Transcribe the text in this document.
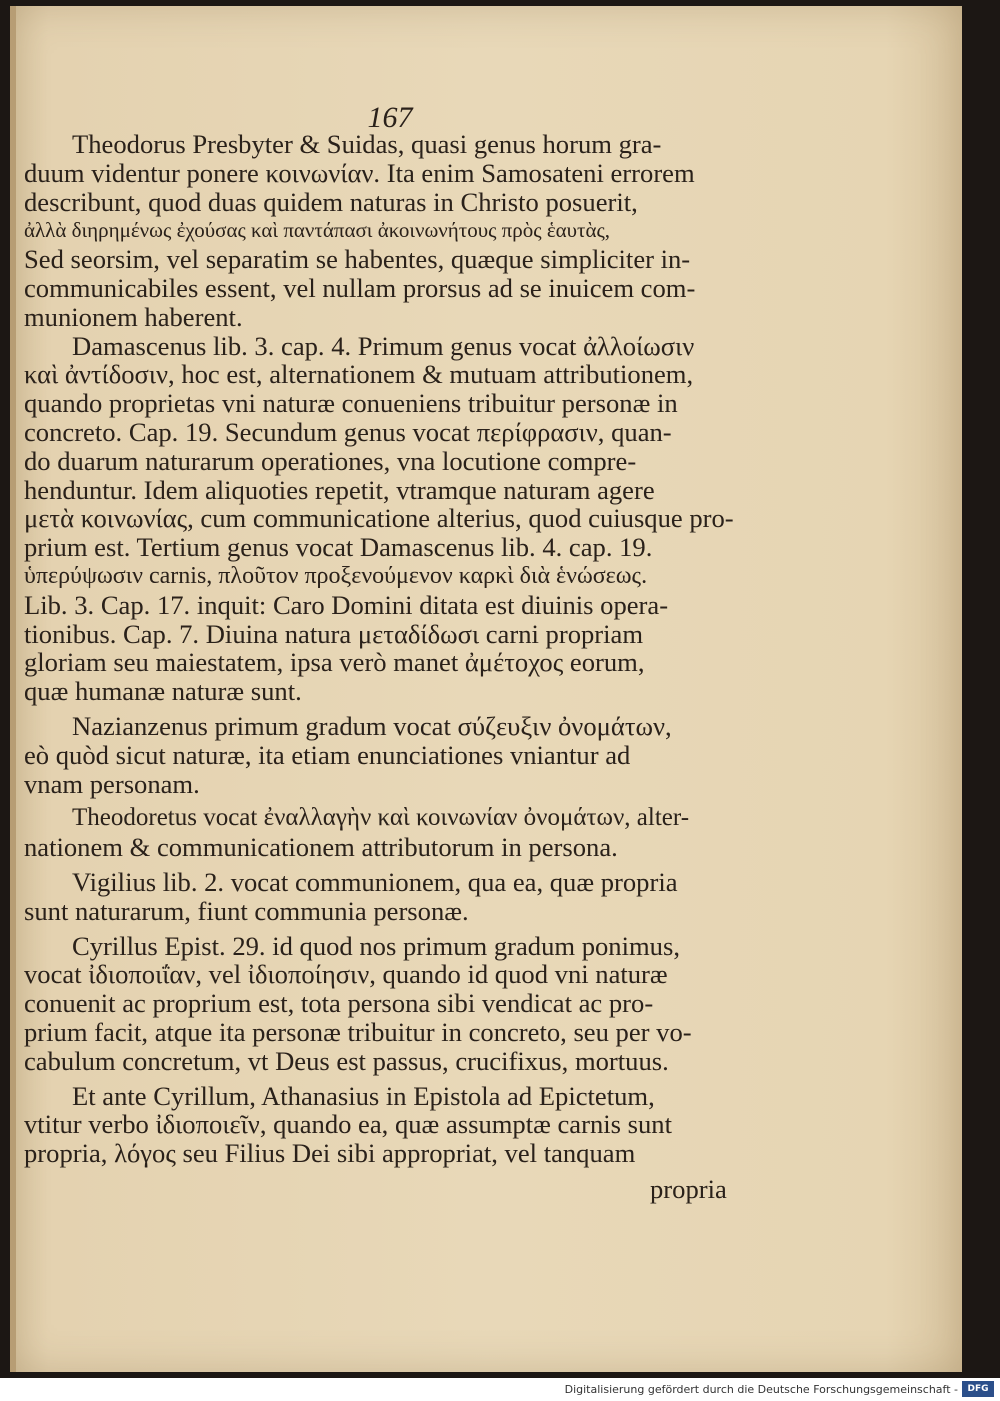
167

Theodorus Presbyter & Suidas, quasi genus horum gra-
duum videntur ponere κοινωνίαν. Ita enim Samosateni errorem
describunt, quod duas quidem naturas in Christo posuerit,
ἀλλὰ διηρημένως ἐχούσας καὶ παντάπασι ἀκοινωνήτους πρὸς ἑαυτὰς,
Sed seorsim, vel separatim se habentes, quæque simpliciter in-
communicabiles essent, vel nullam prorsus ad se inuicem com-
munionem haberent.

Damascenus lib. 3. cap. 4. Primum genus vocat ἀλλοίωσιν
καὶ ἀντίδοσιν, hoc est, alternationem & mutuam attributionem,
quando proprietas vni naturæ conueniens tribuitur personæ in
concreto. Cap. 19. Secundum genus vocat περίφρασιν, quan-
do duarum naturarum operationes, vna locutione compre-
henduntur. Idem aliquoties repetit, vtramque naturam agere
μετὰ κοινωνίας, cum communicatione alterius, quod cuiusque pro-
prium est. Tertium genus vocat Damascenus lib. 4. cap. 19.
ὑπερύψωσιν carnis, πλοῦτον προξενούμενον καρκὶ διὰ ἑνώσεως.
Lib. 3. Cap. 17. inquit: Caro Domini ditata est diuinis opera-
tionibus. Cap. 7. Diuina natura μεταδίδωσι carni propriam
gloriam seu maiestatem, ipsa verò manet ἀμέτοχος eorum,
quæ humanæ naturæ sunt.

Nazianzenus primum gradum vocat σύζευξιν ὀνομάτων,
eò quòd sicut naturæ, ita etiam enunciationes vniantur ad
vnam personam.

Theodoretus vocat ἐναλλαγὴν καὶ κοινωνίαν ὀνομάτων, alter-
nationem & communicationem attributorum in persona.

Vigilius lib. 2. vocat communionem, qua ea, quæ propria
sunt naturarum, fiunt communia personæ.

Cyrillus Epist. 29. id quod nos primum gradum ponimus,
vocat ἰδιοποιΐαν, vel ἰδιοποίησιν, quando id quod vni naturæ
conuenit ac proprium est, tota persona sibi vendicat ac pro-
prium facit, atque ita personæ tribuitur in concreto, seu per vo-
cabulum concretum, vt Deus est passus, crucifixus, mortuus.

Et ante Cyrillum, Athanasius in Epistola ad Epictetum,
vtitur verbo ἰδιοποιεῖν, quando ea, quæ assumptæ carnis sunt
propria, λόγος seu Filius Dei sibi appropriat, vel tanquam

propria
Digitalisierung gefördert durch die Deutsche Forschungsgemeinschaft -	DFG
